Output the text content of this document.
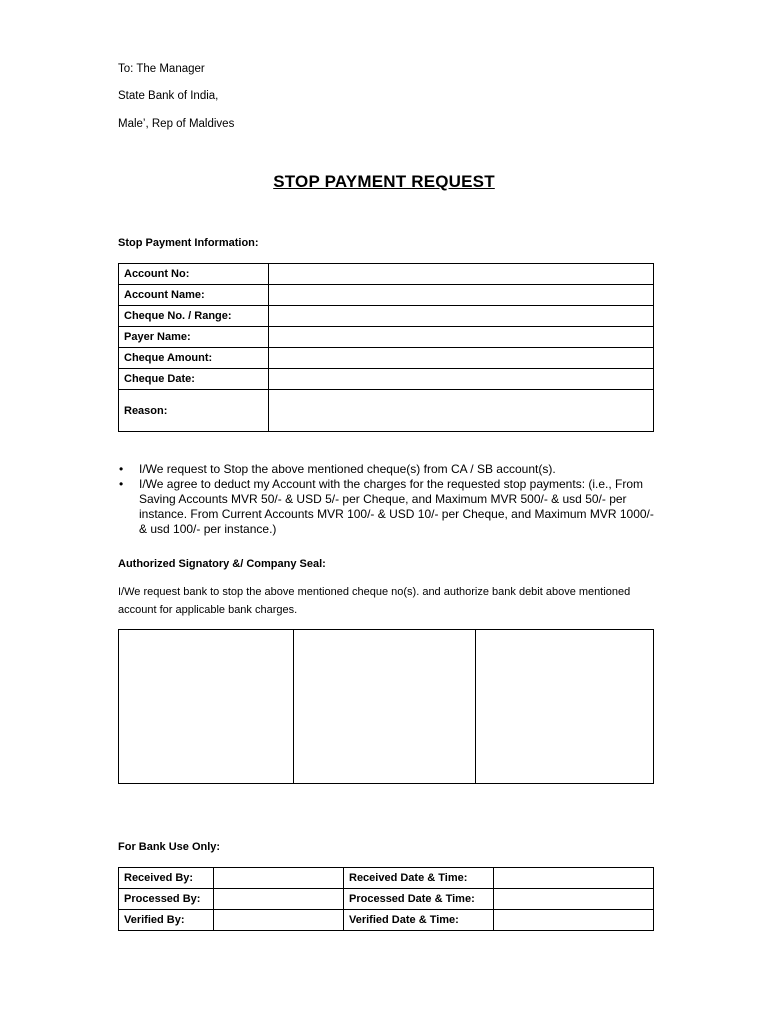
To: The Manager
State Bank of India,
Male’, Rep of Maldives
STOP PAYMENT REQUEST
Stop Payment Information:
Account No:	
Account Name:	
Cheque No. / Range:	
Payer Name:	
Cheque Amount:	
Cheque Date:	
Reason:	
• I/We request to Stop the above mentioned cheque(s) from CA / SB account(s).
• I/We agree to deduct my Account with the charges for the requested stop payments: (i.e., From Saving Accounts MVR 50/- & USD 5/- per Cheque, and Maximum MVR 500/- & usd 50/- per instance. From Current Accounts MVR 100/- & USD 10/- per Cheque, and Maximum MVR 1000/- & usd 100/- per instance.)
Authorized Signatory &/ Company Seal:
I/We request bank to stop the above mentioned cheque no(s). and authorize bank debit above mentioned account for applicable bank charges.

For Bank Use Only:
Received By:		Received Date & Time:	
Processed By:		Processed Date & Time:	
Verified By:		Verified Date & Time:	
